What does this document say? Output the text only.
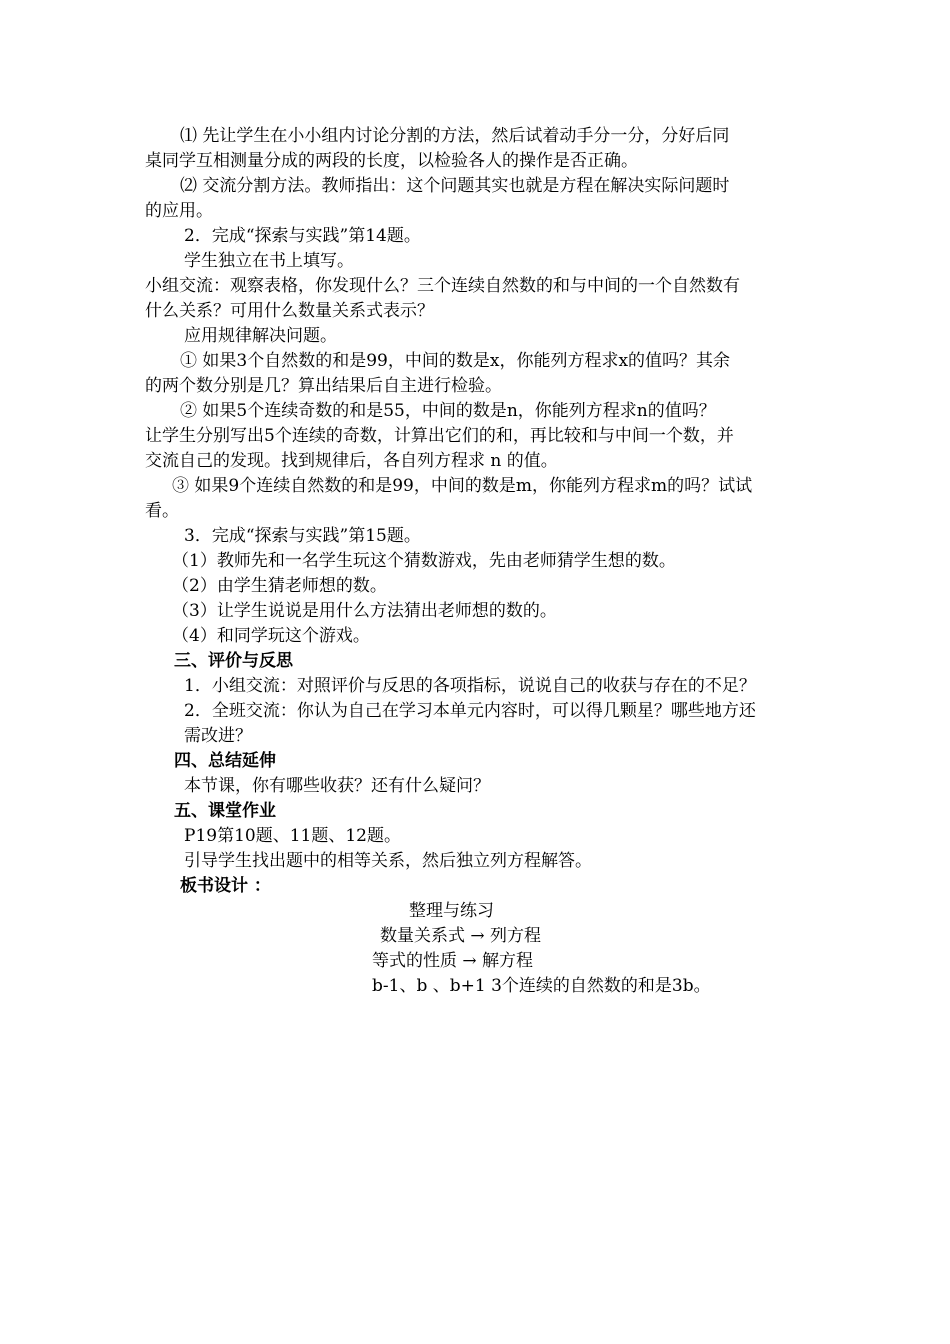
⑴ 先让学生在小小组内讨论分割的方法，然后试着动手分一分，分好后同
桌同学互相测量分成的两段的长度，以检验各人的操作是否正确。
⑵ 交流分割方法。教师指出：这个问题其实也就是方程在解决实际问题时
的应用。
2．完成“探索与实践”第14题。
学生独立在书上填写。
小组交流：观察表格，你发现什么？三个连续自然数的和与中间的一个自然数有
什么关系？可用什么数量关系式表示？
应用规律解决问题。
① 如果3个自然数的和是99，中间的数是x，你能列方程求x的值吗？其余
的两个数分别是几？算出结果后自主进行检验。
② 如果5个连续奇数的和是55，中间的数是n，你能列方程求n的值吗？
让学生分别写出5个连续的奇数，计算出它们的和，再比较和与中间一个数，并
交流自己的发现。找到规律后，各自列方程求 n 的值。
③ 如果9个连续自然数的和是99，中间的数是m，你能列方程求m的吗？试试
看。
3．完成“探索与实践”第15题。
（1）教师先和一名学生玩这个猜数游戏，先由老师猜学生想的数。
（2）由学生猜老师想的数。
（3）让学生说说是用什么方法猜出老师想的数的。
（4）和同学玩这个游戏。
三、评价与反思
1．小组交流：对照评价与反思的各项指标，说说自己的收获与存在的不足？
2．全班交流：你认为自己在学习本单元内容时，可以得几颗星？哪些地方还
需改进？
四、总结延伸
本节课，你有哪些收获？还有什么疑问？
五、课堂作业
P19第10题、11题、12题。
引导学生找出题中的相等关系，然后独立列方程解答。
板书设计 ：
整理与练习
数量关系式 → 列方程
等式的性质 → 解方程
b-1、b 、b+1 3个连续的自然数的和是3b。
